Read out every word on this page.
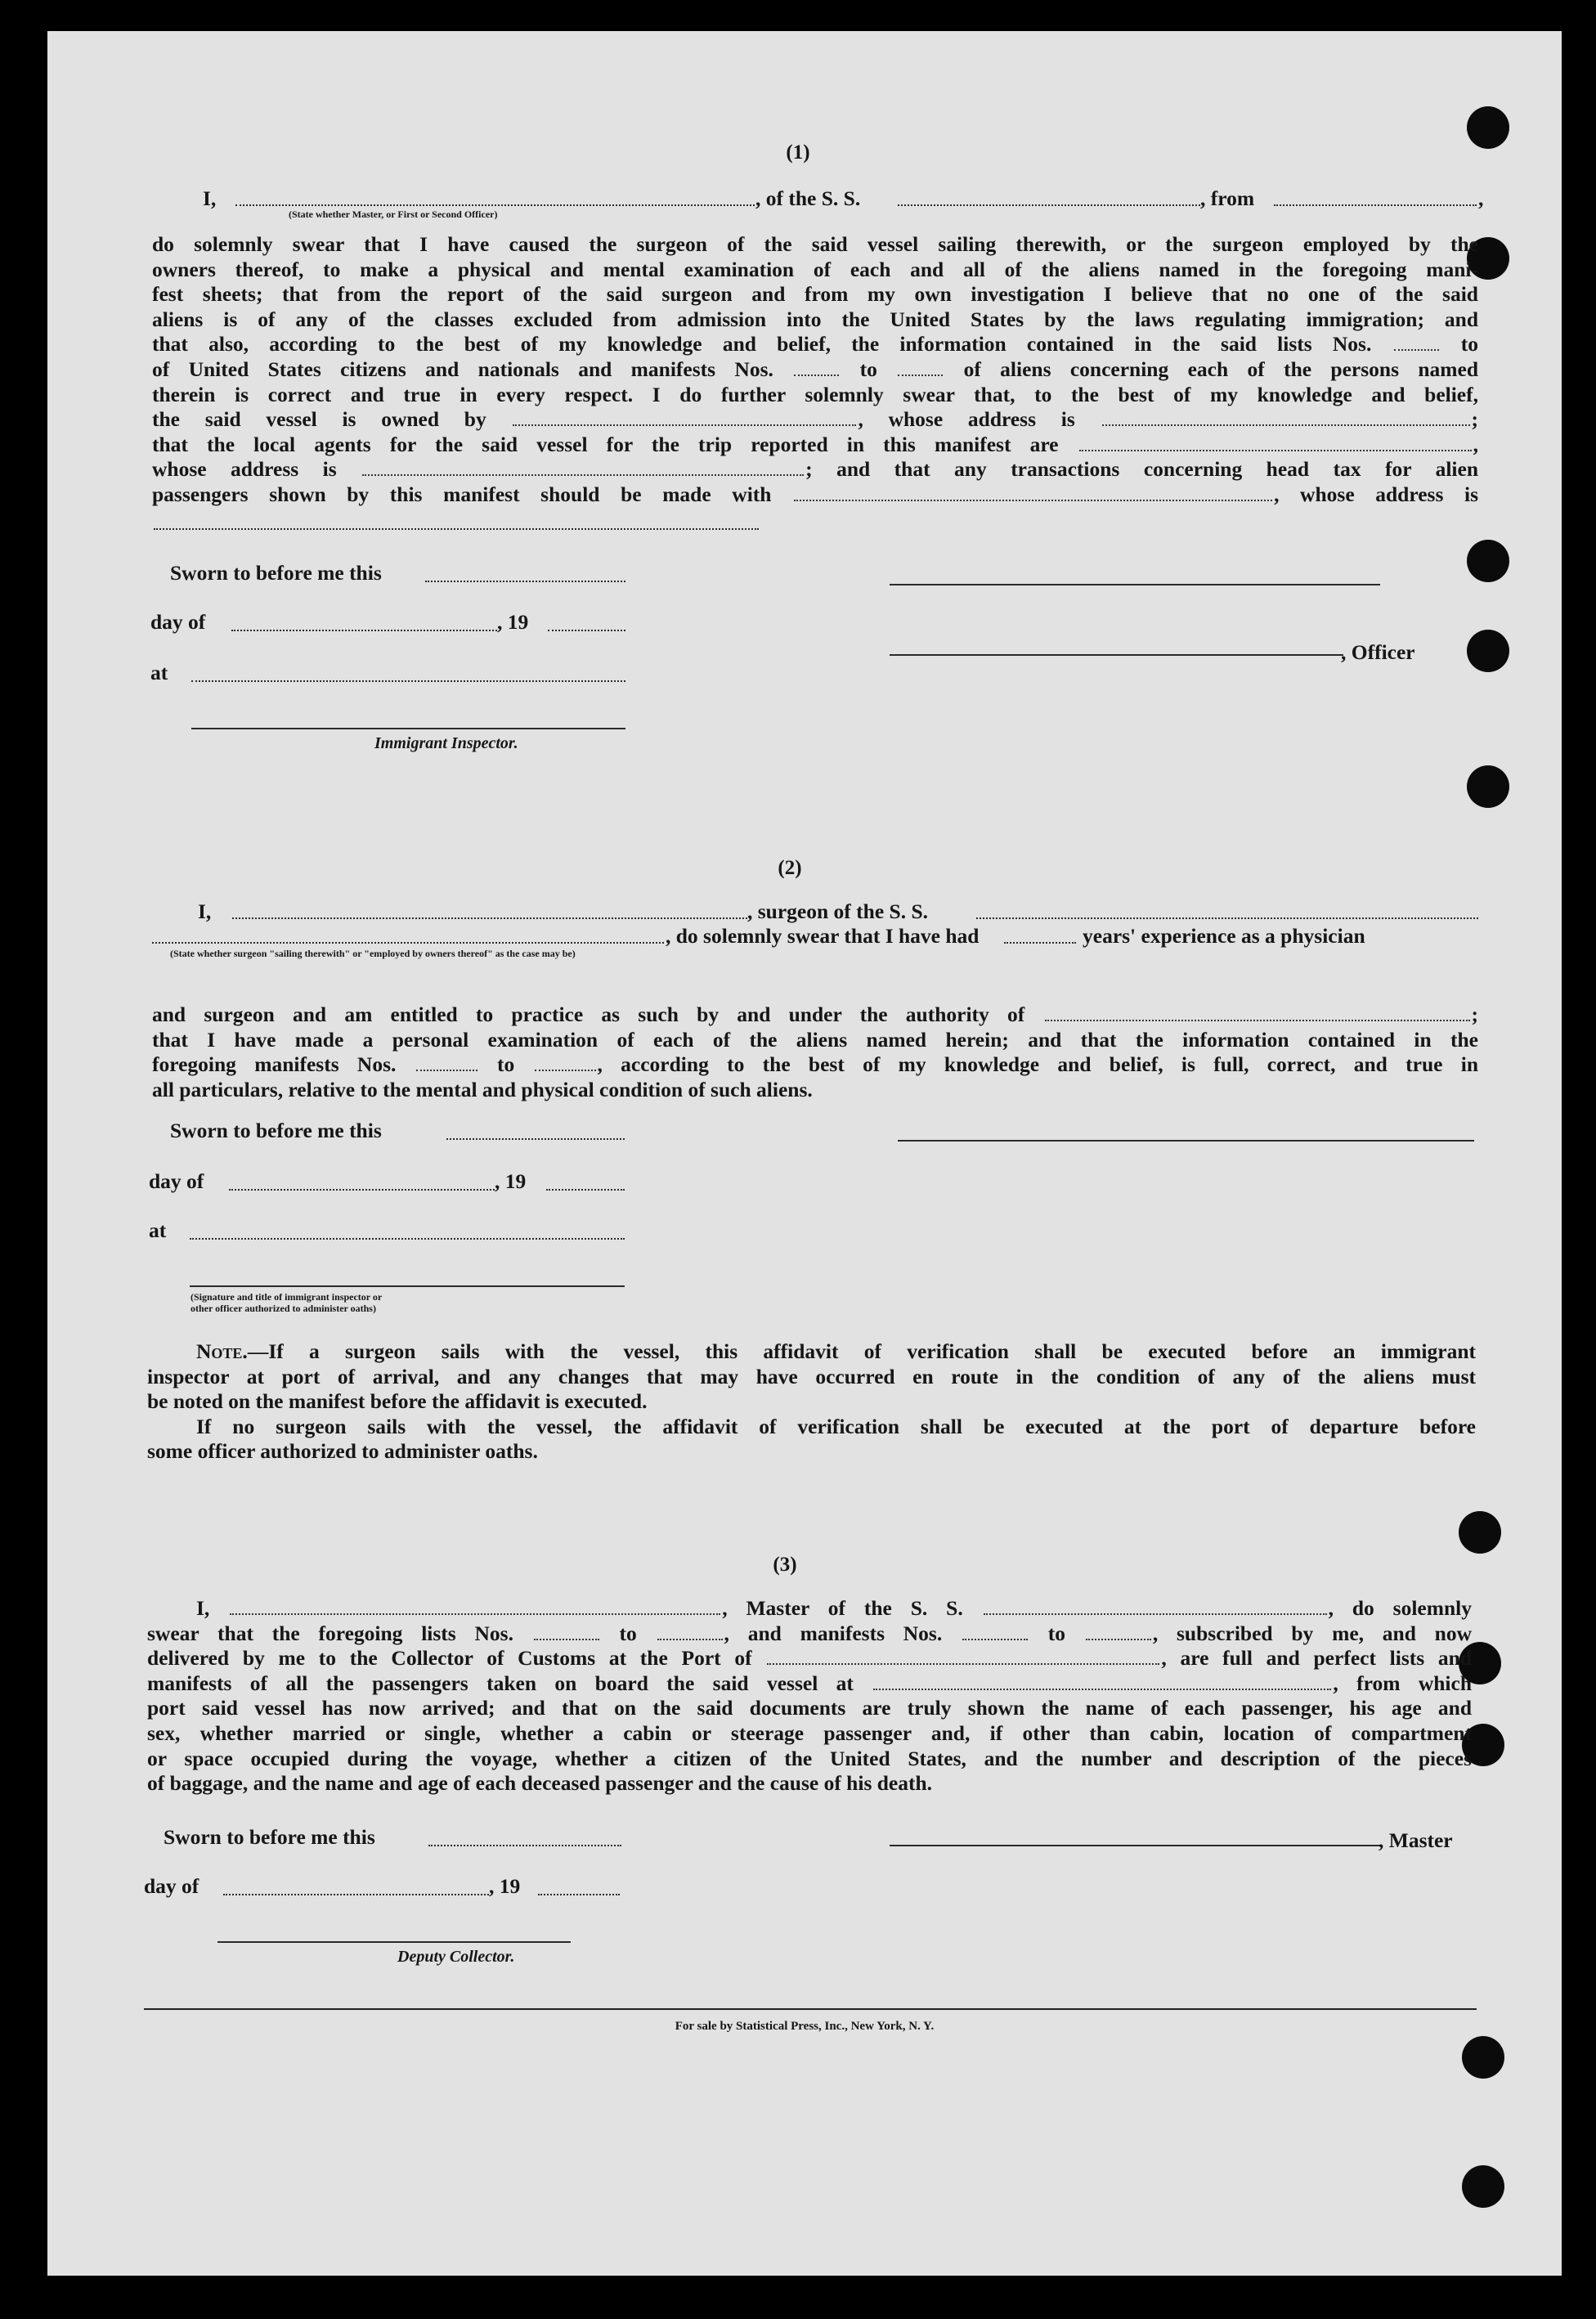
(1)
I,	, of the S. S.	, from	,
(State whether Master, or First or Second Officer)
do solemnly swear that I have caused the surgeon of the said vessel sailing therewith, or the surgeon employed by the
owners thereof, to make a physical and mental examination of each and all of the aliens named in the foregoing mani-
fest sheets; that from the report of the said surgeon and from my own investigation I believe that no one of the said
aliens is of any of the classes excluded from admission into the United States by the laws regulating immigration; and
that also, according to the best of my knowledge and belief, the information contained in the said lists Nos.	to
of United States citizens and nationals and manifests Nos.	to	of aliens concerning each of the persons named
therein is correct and true in every respect. I do further solemnly swear that, to the best of my knowledge and belief,
the said vessel is owned by	, whose address is	;
that the local agents for the said vessel for the trip reported in this manifest are	,
whose address is	; and that any transactions concerning head tax for alien
passengers shown by this manifest should be made with	, whose address is
Sworn to before me this
day of	, 19
, Officer
at
Immigrant Inspector.
(2)
I,	, surgeon of the S. S.
, do solemnly swear that I have had	years' experience as a physician
(State whether surgeon "sailing therewith" or "employed by owners thereof" as the case may be)
and surgeon and am entitled to practice as such by and under the authority of	;
that I have made a personal examination of each of the aliens named herein; and that the information contained in the
foregoing manifests Nos.	to	, according to the best of my knowledge and belief, is full, correct, and true in
all particulars, relative to the mental and physical condition of such aliens.
Sworn to before me this
day of	, 19
at
(Signature and title of immigrant inspector or
other officer authorized to administer oaths)
Note.—If a surgeon sails with the vessel, this affidavit of verification shall be executed before an immigrant
inspector at port of arrival, and any changes that may have occurred en route in the condition of any of the aliens must
be noted on the manifest before the affidavit is executed.
If no surgeon sails with the vessel, the affidavit of verification shall be executed at the port of departure before
some officer authorized to administer oaths.
(3)
I,	, Master of the S. S.	, do solemnly
swear that the foregoing lists Nos.	to	, and manifests Nos.	to	, subscribed by me, and now
delivered by me to the Collector of Customs at the Port of	, are full and perfect lists and
manifests of all the passengers taken on board the said vessel at	, from which
port said vessel has now arrived; and that on the said documents are truly shown the name of each passenger, his age and
sex, whether married or single, whether a cabin or steerage passenger and, if other than cabin, location of compartment
or space occupied during the voyage, whether a citizen of the United States, and the number and description of the pieces
of baggage, and the name and age of each deceased passenger and the cause of his death.
Sworn to before me this	, Master
day of	, 19
Deputy Collector.
For sale by Statistical Press, Inc., New York, N. Y.
